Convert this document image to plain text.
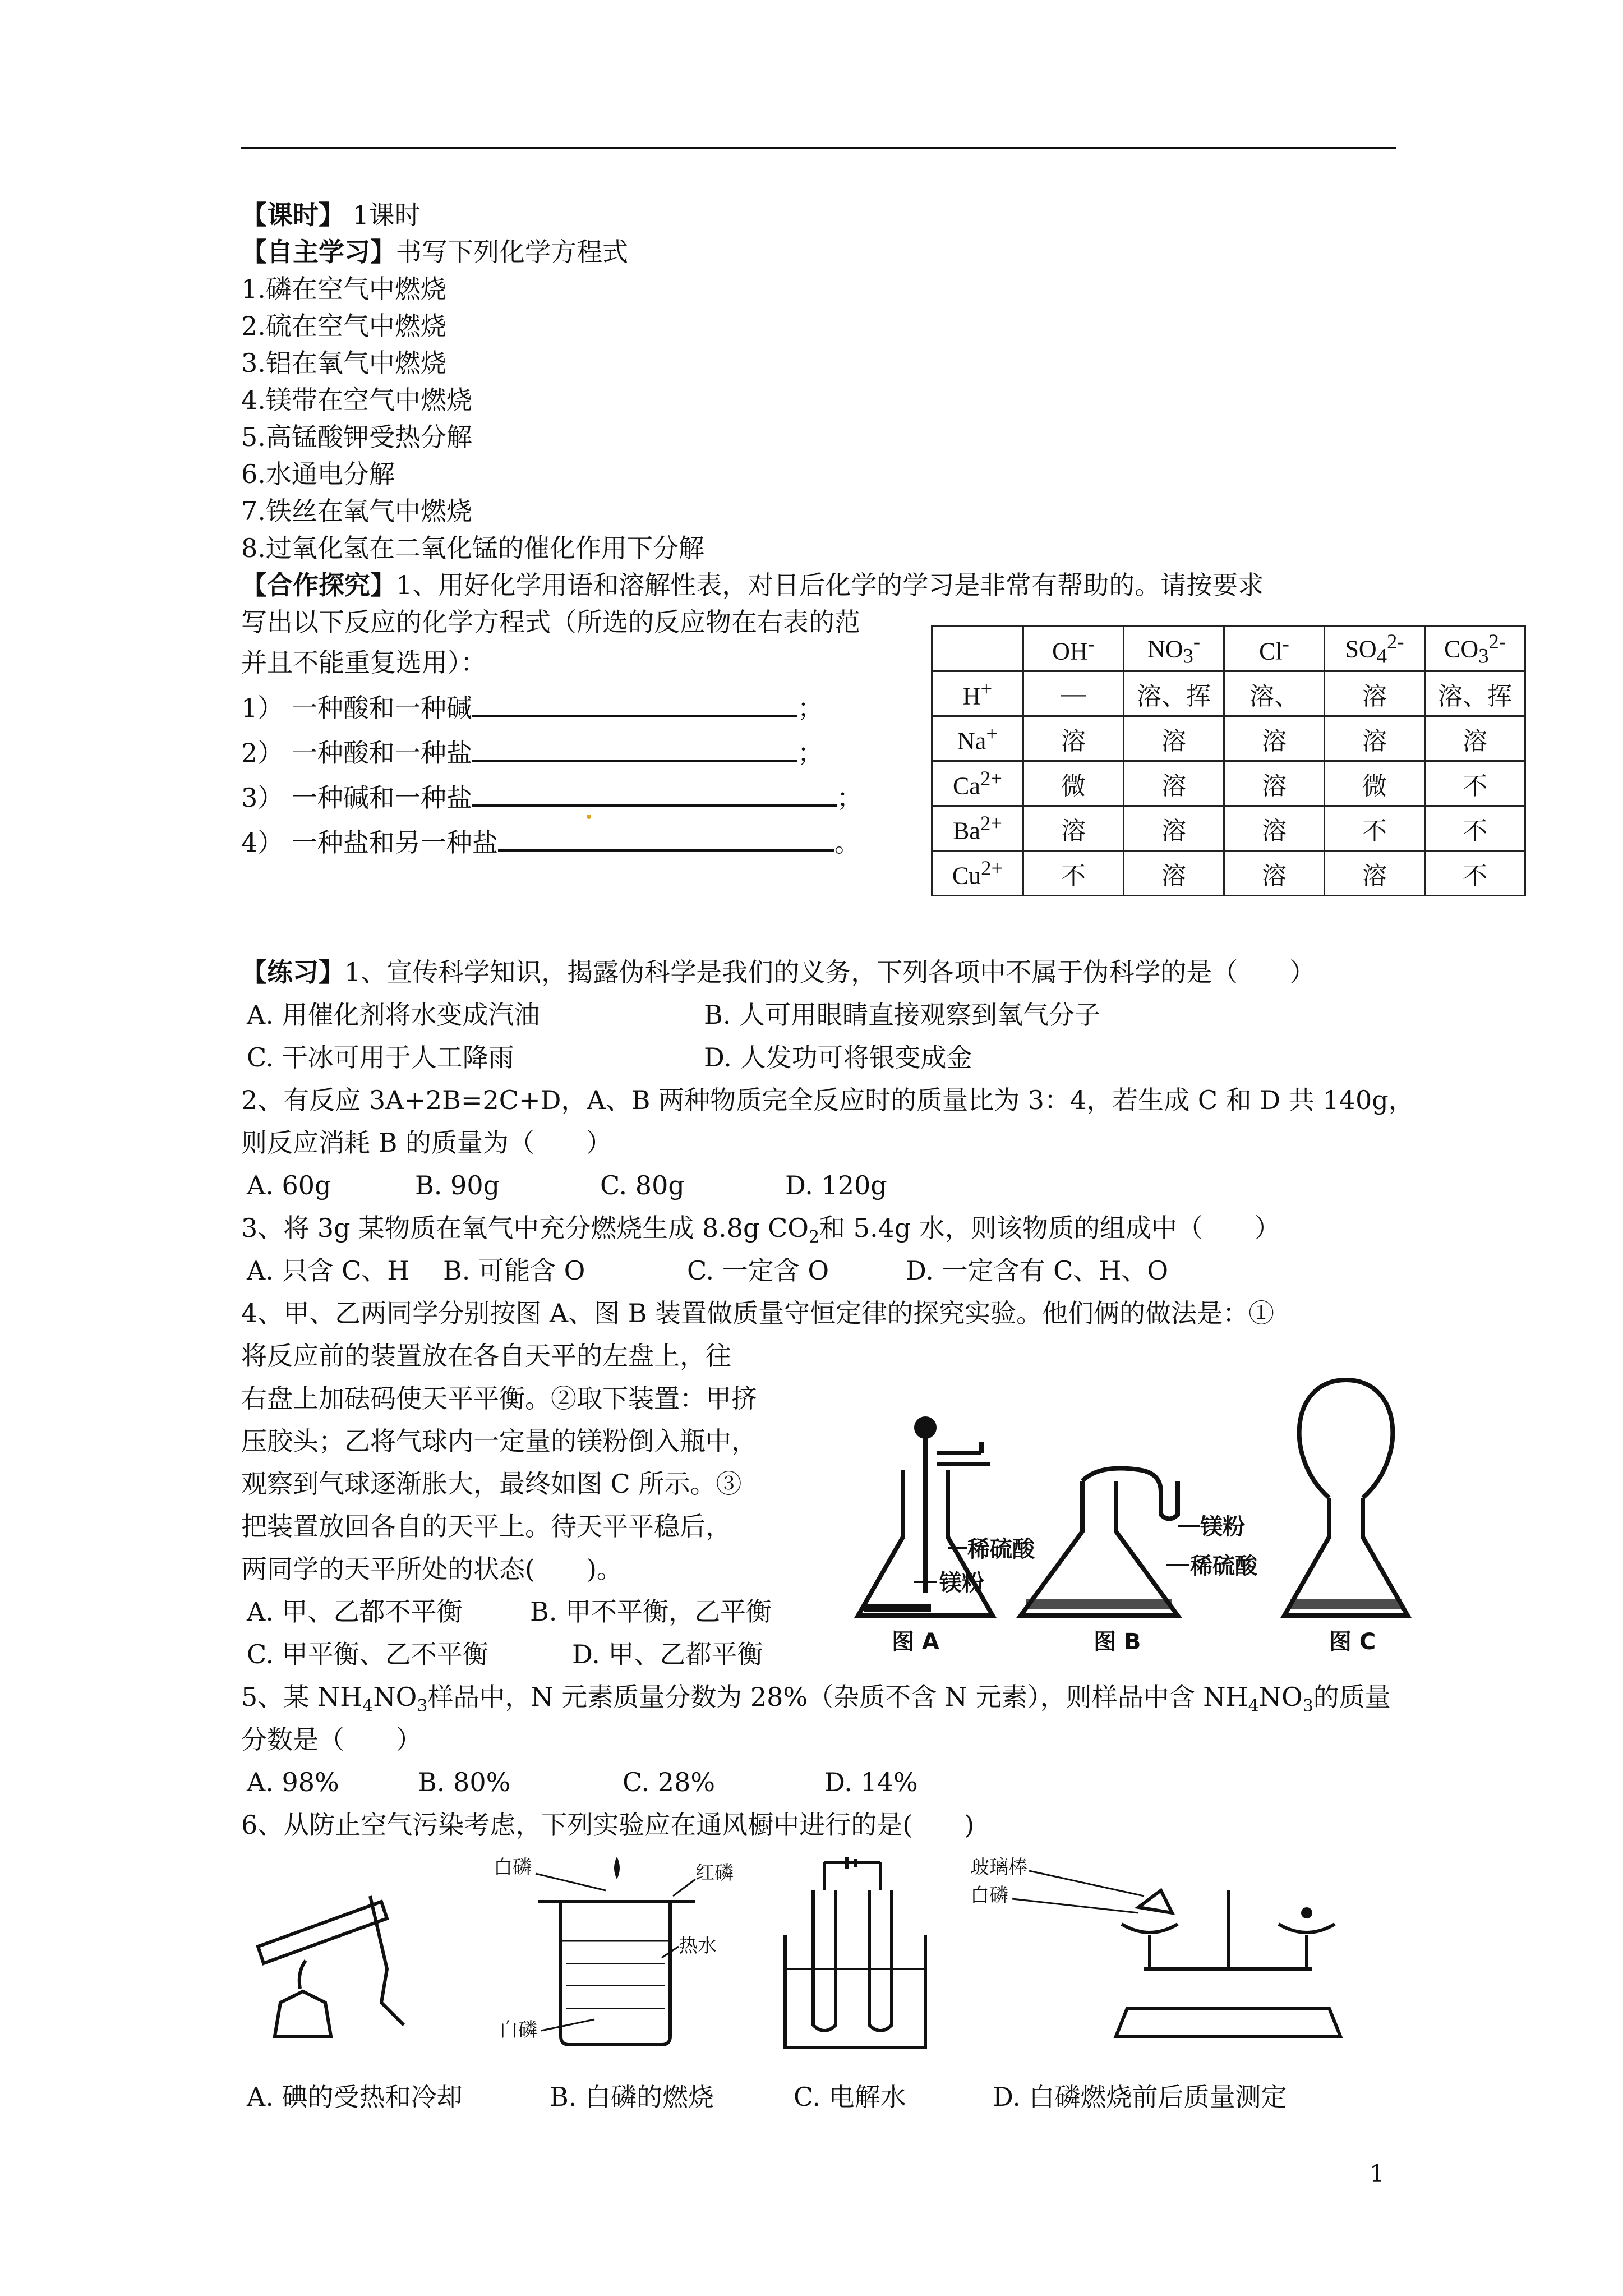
【课时】 1课时
【自主学习】书写下列化学方程式
1.磷在空气中燃烧
2.硫在空气中燃烧
3.铝在氧气中燃烧
4.镁带在空气中燃烧
5.高锰酸钾受热分解
6.水通电分解
7.铁丝在氧气中燃烧
8.过氧化氢在二氧化锰的催化作用下分解
【合作探究】1、用好化学用语和溶解性表，对日后化学的学习是非常有帮助的。请按要求
写出以下反应的化学方程式（所选的反应物在右表的范
并且不能重复选用）：
1） 一种酸和一种碱	；
2） 一种酸和一种盐	；
3） 一种碱和一种盐	；
4） 一种盐和另一种盐	。
	OH-	$NO_3^-$	Cl-	$SO_4^{2-}$	$CO_3^{2-}$
H+	—	溶、挥	溶、	溶	溶、挥
Na+	溶	溶	溶	溶	溶
$Ca^{2+}$	微	溶	溶	微	不
$Ba^{2+}$	溶	溶	溶	不	不
$Cu^{2+}$	不	溶	溶	溶	不
【练习】1、宣传科学知识，揭露伪科学是我们的义务，下列各项中不属于伪科学的是（　　）
A. 用催化剂将水变成汽油	B. 人可用眼睛直接观察到氧气分子
C. 干冰可用于人工降雨	D. 人发功可将银变成金
2、有反应 3A+2B=2C+D，A、B 两种物质完全反应时的质量比为 3：4，若生成 C 和 D 共 140g，
则反应消耗 B 的质量为（　　）
A. 60g	B. 90g	C. 80g	D. 120g
3、将 3g 某物质在氧气中充分燃烧生成 8.8g $CO_2$和 5.4g 水，则该物质的组成中（　　）
A. 只含 C、H B. 可能含 O	C. 一定含 O	D. 一定含有 C、H、O
4、甲、乙两同学分别按图 A、图 B 装置做质量守恒定律的探究实验。他们俩的做法是：①
将反应前的装置放在各自天平的左盘上，往
右盘上加砝码使天平平衡。②取下装置：甲挤
压胶头；乙将气球内一定量的镁粉倒入瓶中，
观察到气球逐渐胀大，最终如图 C 所示。③
把装置放回各自的天平上。待天平平稳后，
两同学的天平所处的状态(　　)。
A. 甲、乙都不平衡	B. 甲不平衡，乙平衡
C. 甲平衡、乙不平衡	D. 甲、乙都平衡
稀硫酸
镁粉
镁粉
稀硫酸
图 A	图 B	图 C
5、某 $NH_4NO_3$样品中，N 元素质量分数为 28%（杂质不含 N 元素），则样品中含 $NH_4NO_3$的质量
分数是（　　）
A. 98%	B. 80%	C. 28%	D. 14%
6、从防止空气污染考虑，下列实验应在通风橱中进行的是(　　)
白磷	红磷
热水
白磷
玻璃棒
白磷
A. 碘的受热和冷却	B. 白磷的燃烧	C. 电解水	D. 白磷燃烧前后质量测定
1
